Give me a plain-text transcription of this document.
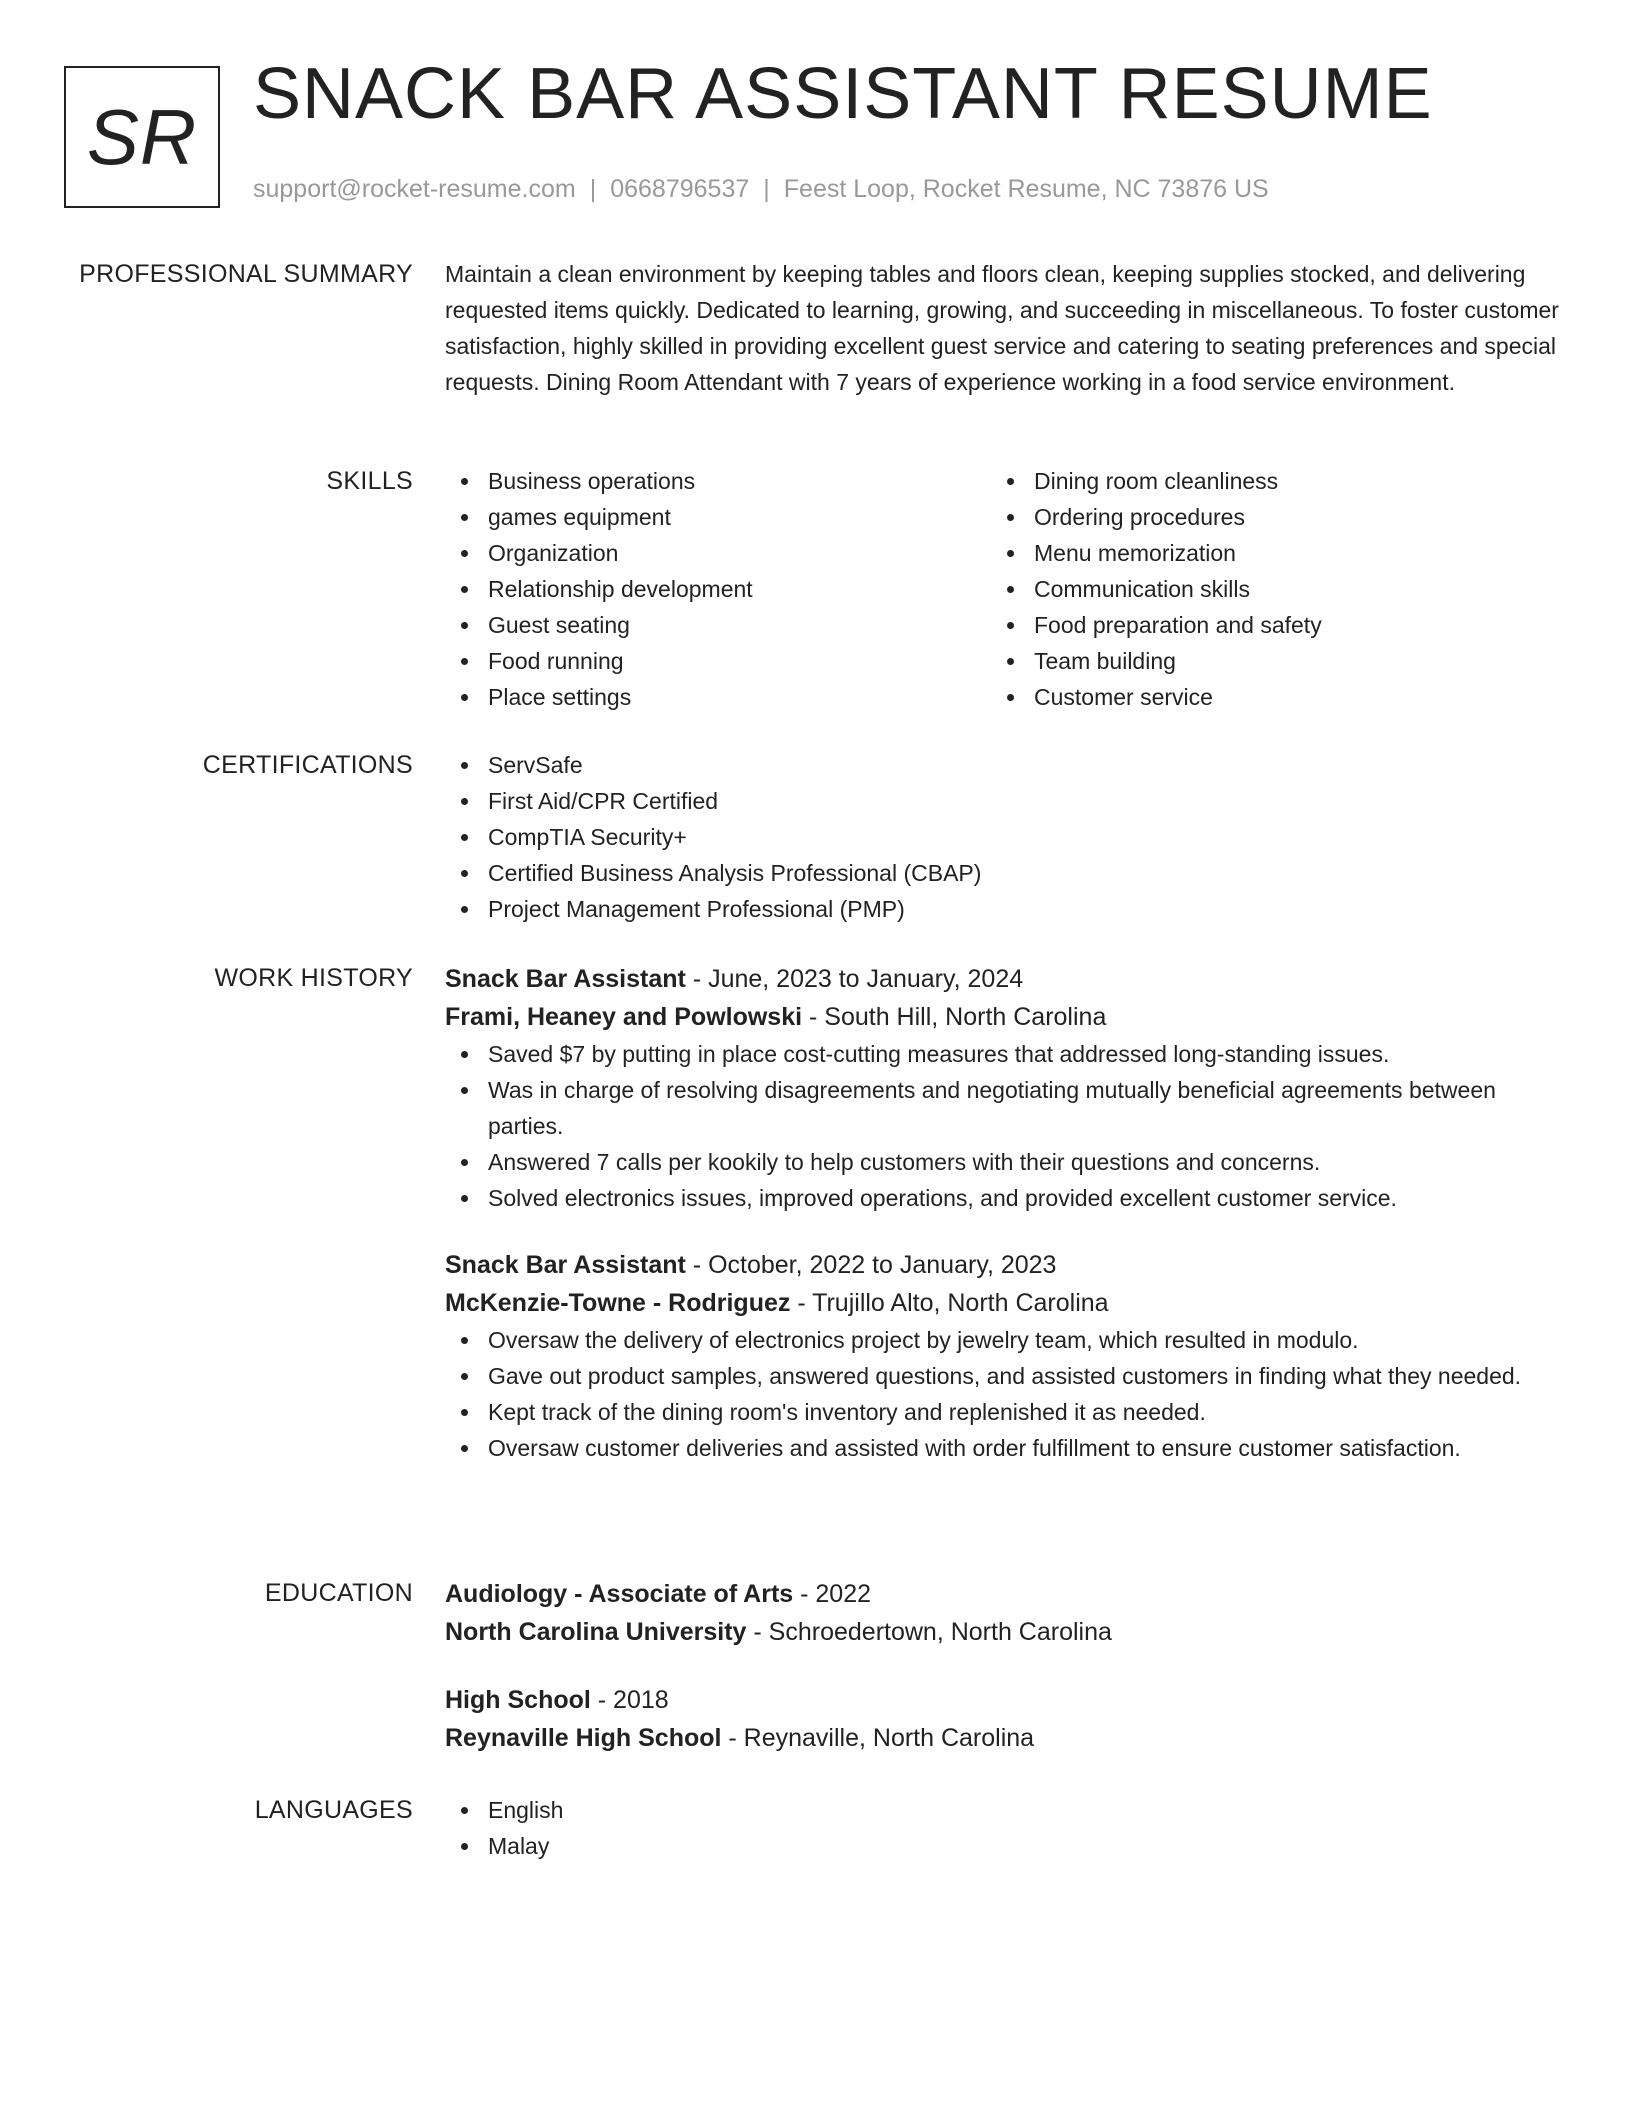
SR SNACK BAR ASSISTANT RESUME
support@rocket-resume.com | 0668796537 | Feest Loop, Rocket Resume, NC 73876 US
PROFESSIONAL SUMMARY Maintain a clean environment by keeping tables and floors clean, keeping supplies stocked, and delivering requested items quickly. Dedicated to learning, growing, and succeeding in miscellaneous. To foster customer satisfaction, highly skilled in providing excellent guest service and catering to seating preferences and special requests. Dining Room Attendant with 7 years of experience working in a food service environment.

SKILLS	Business operations
games equipment
Organization
Relationship development
Guest seating
Food running
Place settings
Dining room cleanliness
Ordering procedures
Menu memorization
Communication skills
Food preparation and safety
Team building
Customer service
CERTIFICATIONS	ServSafe
First Aid/CPR Certified
CompTIA Security+
Certified Business Analysis Professional (CBAP)
Project Management Professional (PMP)
WORK HISTORY Snack Bar Assistant - June, 2023 to January, 2024
Frami, Heaney and Powlowski - South Hill, North Carolina
Saved $7 by putting in place cost-cutting measures that addressed long-standing issues.
Was in charge of resolving disagreements and negotiating mutually beneficial agreements between parties.
Answered 7 calls per kookily to help customers with their questions and concerns.
Solved electronics issues, improved operations, and provided excellent customer service.
Snack Bar Assistant - October, 2022 to January, 2023
McKenzie-Towne - Rodriguez - Trujillo Alto, North Carolina
Oversaw the delivery of electronics project by jewelry team, which resulted in modulo.
Gave out product samples, answered questions, and assisted customers in finding what they needed.
Kept track of the dining room's inventory and replenished it as needed.
Oversaw customer deliveries and assisted with order fulfillment to ensure customer satisfaction.
EDUCATION Audiology - Associate of Arts - 2022
North Carolina University - Schroedertown, North Carolina
High School - 2018
Reynaville High School - Reynaville, North Carolina
LANGUAGES	English
Malay
